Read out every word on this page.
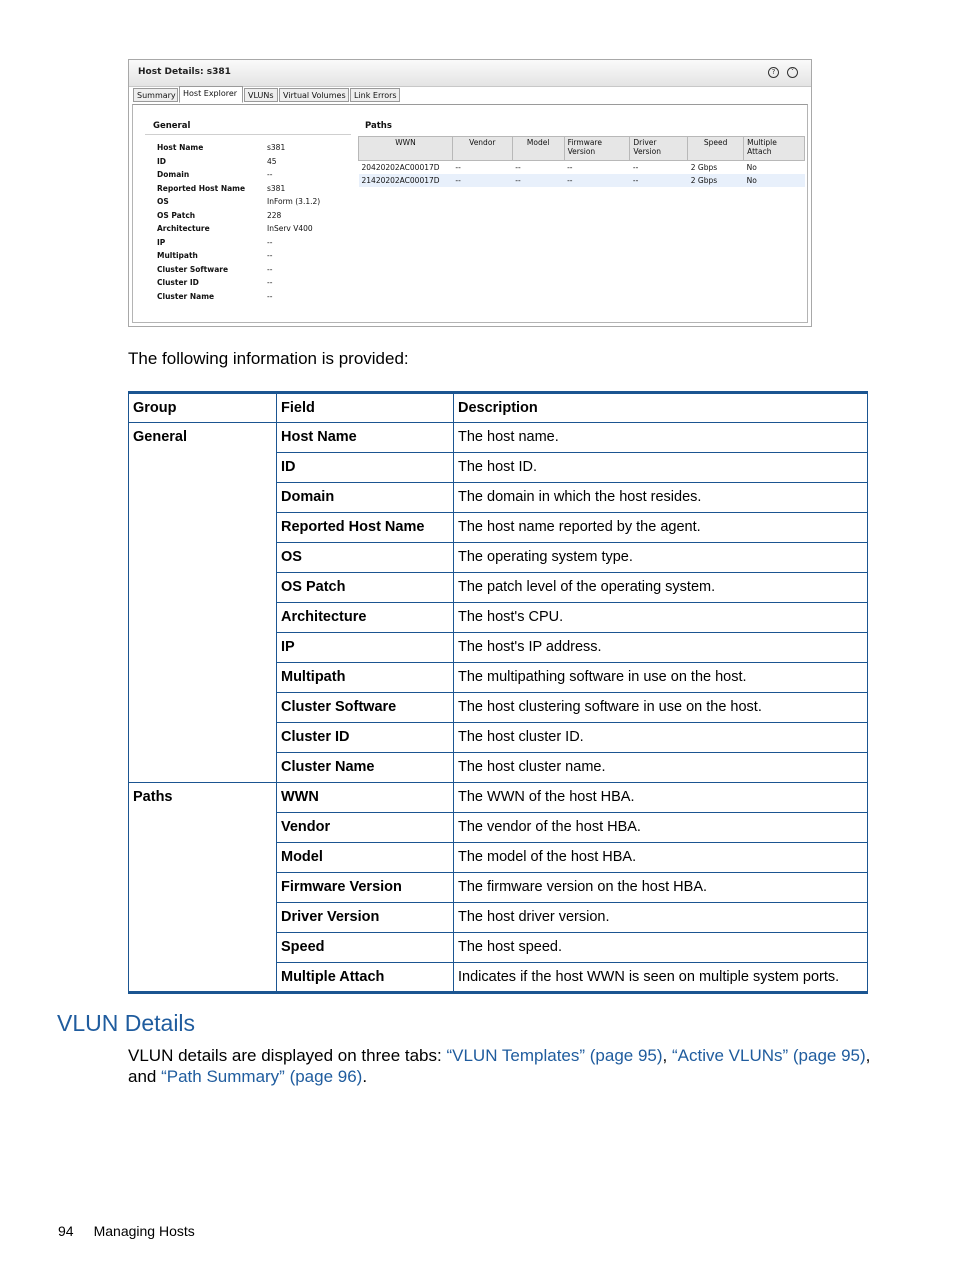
Host Details: s381	?	˅
Summary Host Explorer	VLUNs	Virtual Volumes	Link Errors
General
Host Name	s381
ID	45
Domain	--
Reported Host Name	s381
OS	InForm (3.1.2)
OS Patch	228
Architecture	InServ V400
IP	--
Multipath	--
Cluster Software	--
Cluster ID	--
Cluster Name	--
Paths
WWN	Vendor	Model	Firmware Version	Driver Version	Speed	Multiple Attach
20420202AC00017D	--	--	--	--	2 Gbps	No
21420202AC00017D	--	--	--	--	2 Gbps	No
The following information is provided:
Group	Field	Description
General	Host Name	The host name.
	ID	The host ID.
	Domain	The domain in which the host resides.
	Reported Host Name	The host name reported by the agent.
	OS	The operating system type.
	OS Patch	The patch level of the operating system.
	Architecture	The host's CPU.
	IP	The host's IP address.
	Multipath	The multipathing software in use on the host.
	Cluster Software	The host clustering software in use on the host.
	Cluster ID	The host cluster ID.
	Cluster Name	The host cluster name.
Paths	WWN	The WWN of the host HBA.
	Vendor	The vendor of the host HBA.
	Model	The model of the host HBA.
	Firmware Version	The firmware version on the host HBA.
	Driver Version	The host driver version.
	Speed	The host speed.
	Multiple Attach	Indicates if the host WWN is seen on multiple system ports.
VLUN Details
VLUN details are displayed on three tabs: “VLUN Templates” (page 95), “Active VLUNs” (page 95), and “Path Summary” (page 96).
94 Managing Hosts
